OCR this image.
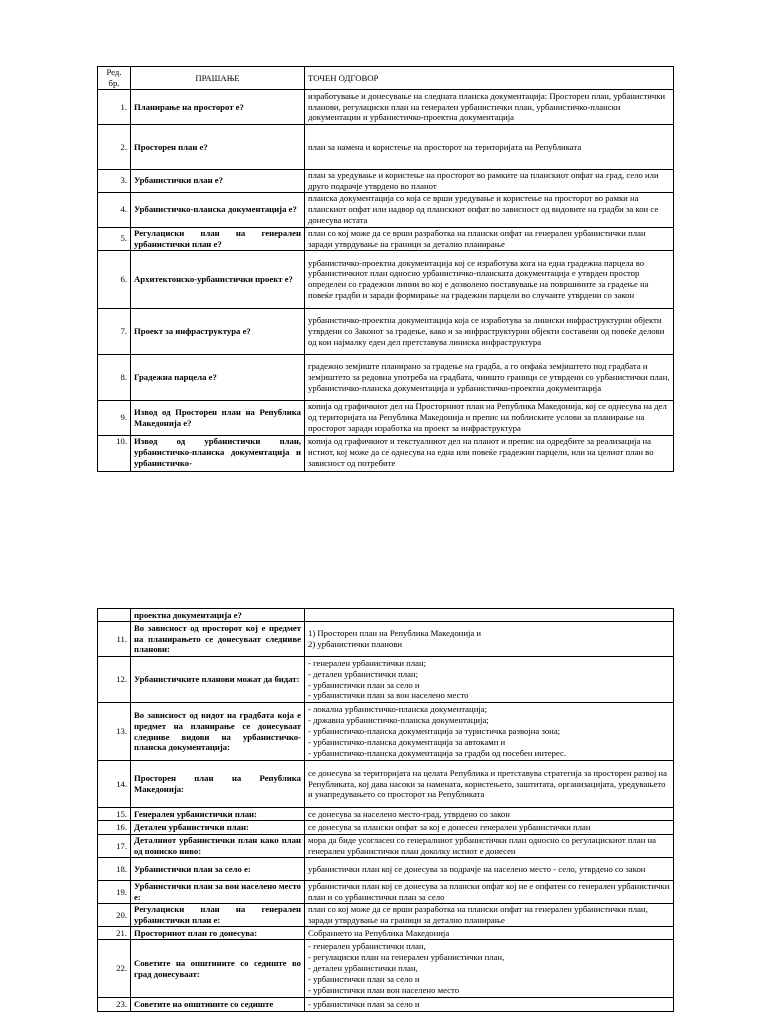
Ред. бр.	ПРАШАЊЕ	ТОЧЕН ОДГОВОР
1.	Планирање на просторот е?	изработување и донесување на следната планска документација: Просторен план, урбанистички планови, регулациски план на генерален урбанистички план, урбанистичко-плански документации и урбанистичко-проектна документација

2.	Просторен план е?	план за намена и користење на просторот на територијата на Републиката

3.	Урбанистички план е?	план за уредување и користење на просторот во рамките на планскиот опфат на град, село или друго подрачје утврдено во планот

4.	Урбанистичко-планска документација е?	планска документација со која се врши уредување и користење на просторот во рамки на планскиот опфат или надвор од планскиот опфат во зависност од видовите на градби за кои се донесува истата

5.	Регулациски план на генерален урбанистички план е?	план со кој може да се врши разработка на плански опфат на генерален урбанистички план заради утврдување на граници за детално планирање

6.	Архитектонско-урбанистички проект е?	урбанистичко-проектна документација кој се изработува кога на една градежна парцела во урбанистичкиот план односно урбанистичко-планската документација е утврден простор определен со градежни линии во кој е дозволено поставување на површините за градење на повеќе градби и заради формирање на градежни парцели во случаите утврдени со закон

7.	Проект за инфраструктура е?	урбанистичко-проектна документација која се изработува за линиски инфраструктурни објекти утврдени со Законот за градење, како и за инфраструктурни објекти составени од повеќе делови од кои најмалку еден дел претставува линиска инфраструктура

8.	Градежна парцела е?	градежно земјиште планирано за градење на градба, а го опфаќа земјиштето под градбата и земјиштето за редовна употреба на градбата, чиишто граници се утврдени со урбанистички план, урбанистичко-планска документација и урбанистичко-проектна документација

9.	Извод од Просторен план на Република Македонија е?	копија од графичкиот дел на Просторниот план на Република Македонија, кој се однесува на дел од територијата на Република Македонија и препис на поблиските услови за планирање на просторот заради изработка на проект за инфраструктура

10.	Извод од урбанистички план, урбанистичко-планска документација и урбанистичко-	копија од графичкиот и текстуалниот дел на планот и препис на одредбите за реализација на истиот, кој може да се однесува на една или повеќе градежни парцели, или на целиот план во зависност од потребите
	проектна документација е?	

11.	Во зависност од просторот кој е предмет на планирањето се донесуваат следниве планови:	1) Просторен план на Република Македонија и
2) урбанистички планови

12.	Урбанистичките планови можат да бидат:	- генерален урбанистички план;
- детален урбанистички план;
- урбанистички план за село и
- урбанистички план за вон населено место

13.	Во зависност од видот на градбата која е предмет на планирање се донесуваат следниве видови на урбанистичко-планска документација:	- локална урбанистичко-планска документација;
- државна урбанистичко-планска документација;
- урбанистичко-планска документација за туристичка развојна зона;
- урбанистичко-планска документација за автокамп и
- урбанистичко-планска документација за градби од посебен интерес.

14.	Просторен план на Република Македонија:	се донесува за територијата на целата Република и претставува стратегија за просторен развој на Републиката, кој дава насоки за намената, користењето, заштитата, организацијата, уредувањето и унапредувањето со просторот на Републиката

15.	Генерален урбанистички план:	се донесува за населено место-град, утврдено со закон

16.	Детален урбанистички план:	се донесува за плански опфат за кој е донесен генерален урбанистички план

17.	Деталниот урбанистички план како план од пониско ниво:	мора да биде усогласен со генералниот урбанистички план односно со регулацискиот план на генерален урбанистички план доколку истиот е донесен

18.	Урбанистички план за село е:	урбанистички план кој се донесува за подрачје на населено место - село, утврдено со закон

19.	Урбанистички план за вон населено место е:	урбанистички план кој се донесува за плански опфат кој не е опфатен со генерален урбанистички план и со урбанистички план за село

20.	Регулациски план на генерален урбанистички план е:	план со кој може да се врши разработка на плански опфат на генерален урбанистички план, заради утврдување на граници за детално планирање

21.	Просторниот план го донесува:	Собранието на Република Македонија

22.	Советите на општините со седиште во град донесуваат:	- генерален урбанистички план,
- регулациски план на генерален урбанистички план,
- детален урбанистички план,
- урбанистички план за село и
- урбанистички план вон населено место

23.	Советите на општините со седиште	- урбанистички план за село и
